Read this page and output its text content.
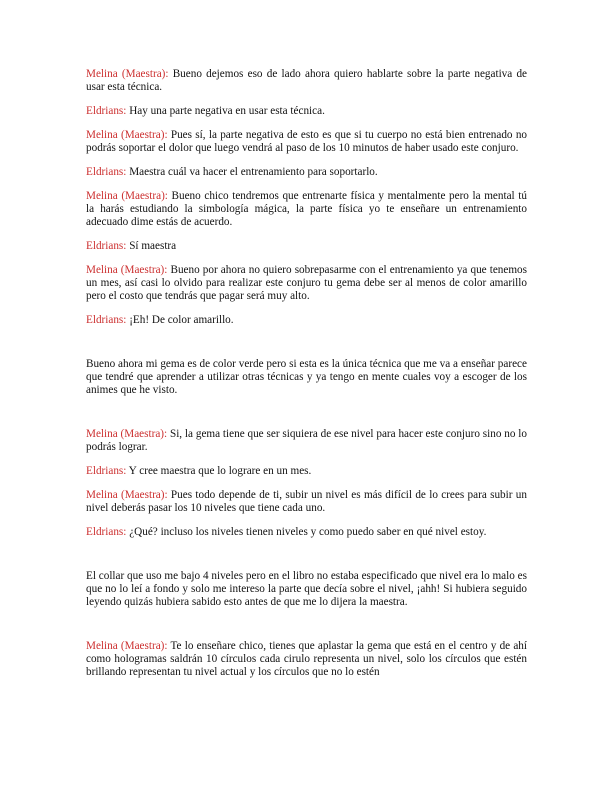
Melina (Maestra): Bueno dejemos eso de lado ahora quiero hablarte sobre la parte negativa de usar esta técnica.

Eldrians: Hay una parte negativa en usar esta técnica.

Melina (Maestra): Pues sí, la parte negativa de esto es que si tu cuerpo no está bien entrenado no podrás soportar el dolor que luego vendrá al paso de los 10 minutos de haber usado este conjuro.

Eldrians: Maestra cuál va hacer el entrenamiento para soportarlo.

Melina (Maestra): Bueno chico tendremos que entrenarte física y mentalmente pero la mental tú la harás estudiando la simbología mágica, la parte física yo te enseñare un entrenamiento adecuado dime estás de acuerdo.

Eldrians: Sí maestra

Melina (Maestra): Bueno por ahora no quiero sobrepasarme con el entrenamiento ya que tenemos un mes, así casi lo olvido para realizar este conjuro tu gema debe ser al menos de color amarillo pero el costo que tendrás que pagar será muy alto.

Eldrians: ¡Eh! De color amarillo.

Bueno ahora mi gema es de color verde pero si esta es la única técnica que me va a enseñar parece que tendré que aprender a utilizar otras técnicas y ya tengo en mente cuales voy a escoger de los animes que he visto.

Melina (Maestra): Si, la gema tiene que ser siquiera de ese nivel para hacer este conjuro sino no lo podrás lograr.

Eldrians: Y cree maestra que lo lograre en un mes.

Melina (Maestra): Pues todo depende de ti, subir un nivel es más difícil de lo crees para subir un nivel deberás pasar los 10 niveles que tiene cada uno.

Eldrians: ¿Qué? incluso los niveles tienen niveles y como puedo saber en qué nivel estoy.

El collar que uso me bajo 4 niveles pero en el libro no estaba especificado que nivel era lo malo es que no lo leí a fondo y solo me intereso la parte que decía sobre el nivel, ¡ahh! Si hubiera seguido leyendo quizás hubiera sabido esto antes de que me lo dijera la maestra.

Melina (Maestra): Te lo enseñare chico, tienes que aplastar la gema que está en el centro y de ahí como hologramas saldrán 10 círculos cada cirulo representa un nivel, solo los círculos que estén brillando representan tu nivel actual y los círculos que no lo estén
